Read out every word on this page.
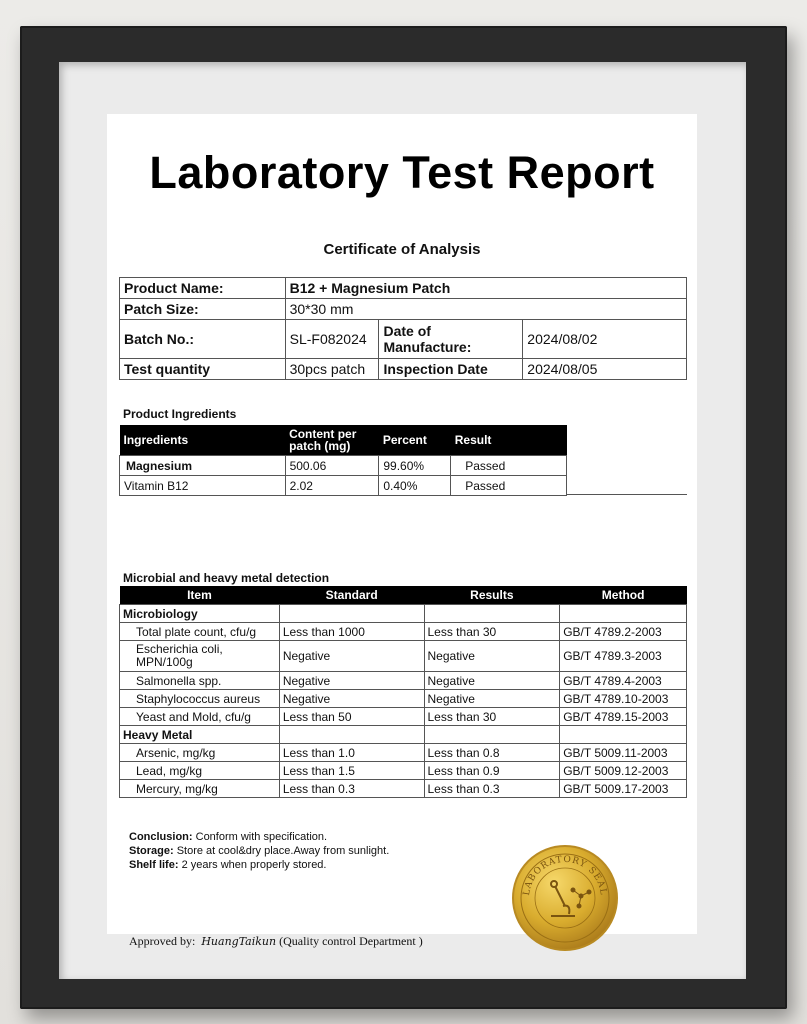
Laboratory Test Report
Certificate of Analysis
Product Name:	B12 + Magnesium Patch		
Patch Size:	30*30 mm		
Batch No.:	SL-F082024	Date of Manufacture:	2024/08/02
Test quantity	30pcs patch	Inspection Date	2024/08/05
Product Ingredients
Ingredients	Content per patch (mg)	Percent	Result
Magnesium	500.06	99.60%	Passed
Vitamin B12	2.02	0.40%	Passed
Microbial and heavy metal detection
Item	Standard	Results	Method
Microbiology			
Total plate count, cfu/g	Less than 1000	Less than 30	GB/T 4789.2-2003
Escherichia coli, MPN/100g	Negative	Negative	GB/T 4789.3-2003
Salmonella spp.	Negative	Negative	GB/T 4789.4-2003
Staphylococcus aureus	Negative	Negative	GB/T 4789.10-2003
Yeast and Mold, cfu/g	Less than 50	Less than 30	GB/T 4789.15-2003
Heavy Metal			
Arsenic, mg/kg	Less than 1.0	Less than 0.8	GB/T 5009.11-2003
Lead, mg/kg	Less than 1.5	Less than 0.9	GB/T 5009.12-2003
Mercury, mg/kg	Less than 0.3	Less than 0.3	GB/T 5009.17-2003
Conclusion: Conform with specification.
Storage: Store at cool&dry place.Away from sunlight.
Shelf life: 2 years when properly stored.
Approved by: HuangTaikun (Quality control Department )
LABORATORY SEAL
